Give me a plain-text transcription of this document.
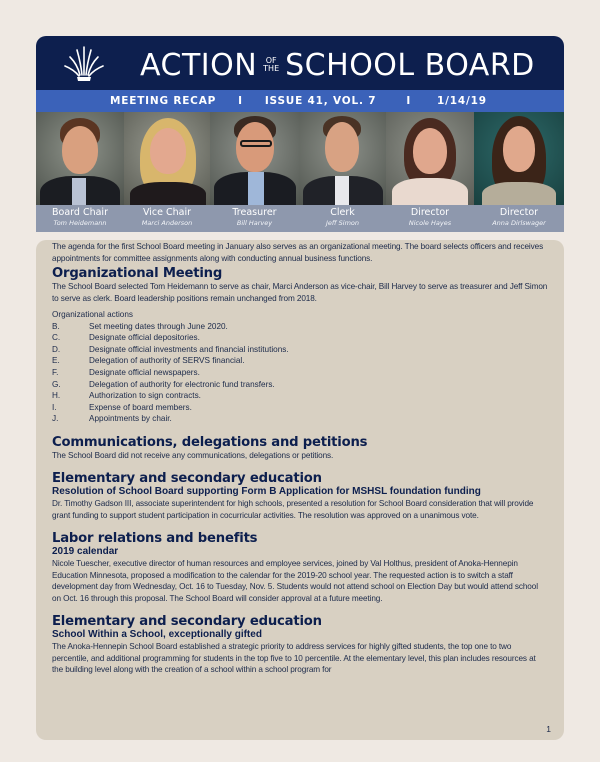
ACTION	OF
THE SCHOOL BOARD
MEETING RECAP I ISSUE 41, VOL. 7	I 1/14/19
Board Chair
Tom Heidemann
Vice Chair
Marci Anderson
Treasurer
Bill Harvey
Clerk
Jeff Simon
Director
Nicole Hayes
Director
Anna Dirlswager

The agenda for the first School Board meeting in January also serves as an organizational meeting. The board selects officers and receives appointments for committee assignments along with conducting annual business functions.

Organizational Meeting

The School Board selected Tom Heidemann to serve as chair, Marci Anderson as vice-chair, Bill Harvey to serve as treasurer and Jeff Simon to serve as clerk. Board leadership positions remain unchanged from 2018.

Organizational actions
B.	Set meeting dates through June 2020.
C.	Designate official depositories.
D.	Designate official investments and financial institutions.
E.	Delegation of authority of SERVS financial.
F.	Designate official newspapers.
G.	Delegation of authority for electronic fund transfers.
H.	Authorization to sign contracts.
I.	Expense of board members.
J.	Appointments by chair.
Communications, delegations and petitions

The School Board did not receive any communications, delegations or petitions.

Elementary and secondary education
Resolution of School Board supporting Form B Application for MSHSL foundation funding

Dr. Timothy Gadson III, associate superintendent for high schools, presented a resolution for School Board consideration that will provide grant funding to support student participation in cocurricular activities. The resolution was approved on a unanimous vote.

Labor relations and benefits
2019 calendar

Nicole Tuescher, executive director of human resources and employee services, joined by Val Holthus, president of Anoka-Hennepin Education Minnesota, proposed a modification to the calendar for the 2019-20 school year. The requested action is to switch a staff development day from Wednesday, Oct. 16 to Tuesday, Nov. 5. Students would not attend school on Election Day but would attend school on Oct. 16 through this proposal. The School Board will consider approval at a future meeting.

Elementary and secondary education
School Within a School, exceptionally gifted

The Anoka-Hennepin School Board established a strategic priority to address services for highly gifted students, the top one to two percentile, and additional programming for students in the top five to 10 percentile. At the elementary level, this plan includes resources at the building level along with the creation of a school within a school program for

1
